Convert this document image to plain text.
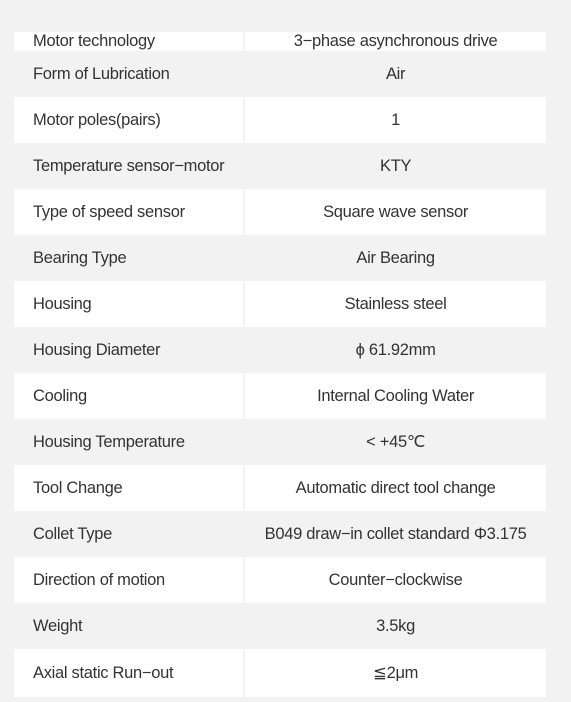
Motor technology	3−phase asynchronous drive
Form of Lubrication	Air
Motor poles(pairs)	1
Temperature sensor−motor	KTY
Type of speed sensor	Square wave sensor
Bearing Type	Air Bearing
Housing	Stainless steel
Housing Diameter	ϕ 61.92mm
Cooling	Internal Cooling Water
Housing Temperature	< +45℃
Tool Change	Automatic direct tool change
Collet Type	B049 draw−in collet standard Φ3.175
Direction of motion	Counter−clockwise
Weight	3.5kg
Axial static Run−out	≦2μm
